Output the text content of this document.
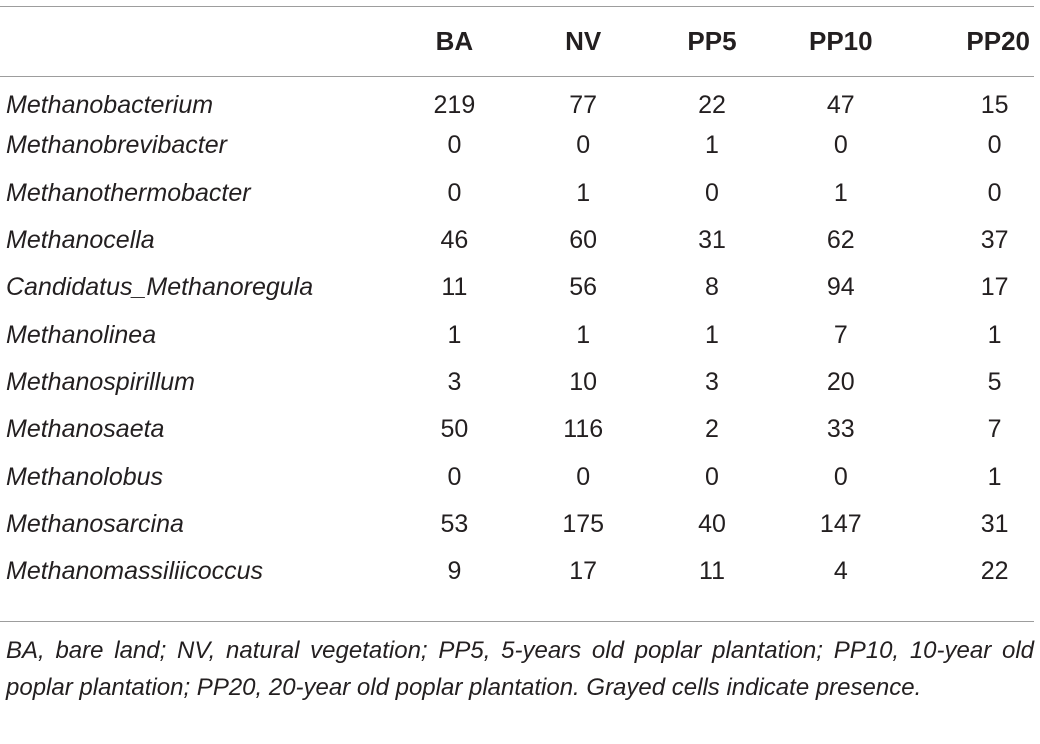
	BA	NV	PP5	PP10	PP20
Methanobacterium	219	77	22	47	15
Methanobrevibacter	0	0	1	0	0
Methanothermobacter	0	1	0	1	0
Methanocella	46	60	31	62	37
Candidatus_Methanoregula	11	56	8	94	17
Methanolinea	1	1	1	7	1
Methanospirillum	3	10	3	20	5
Methanosaeta	50	116	2	33	7
Methanolobus	0	0	0	0	1
Methanosarcina	53	175	40	147	31
Methanomassiliicoccus	9	17	11	4	22
BA, bare land; NV, natural vegetation; PP5, 5-years old poplar plantation; PP10, 10-year old poplar plantation; PP20, 20-year old poplar plantation. Grayed cells indicate presence.
